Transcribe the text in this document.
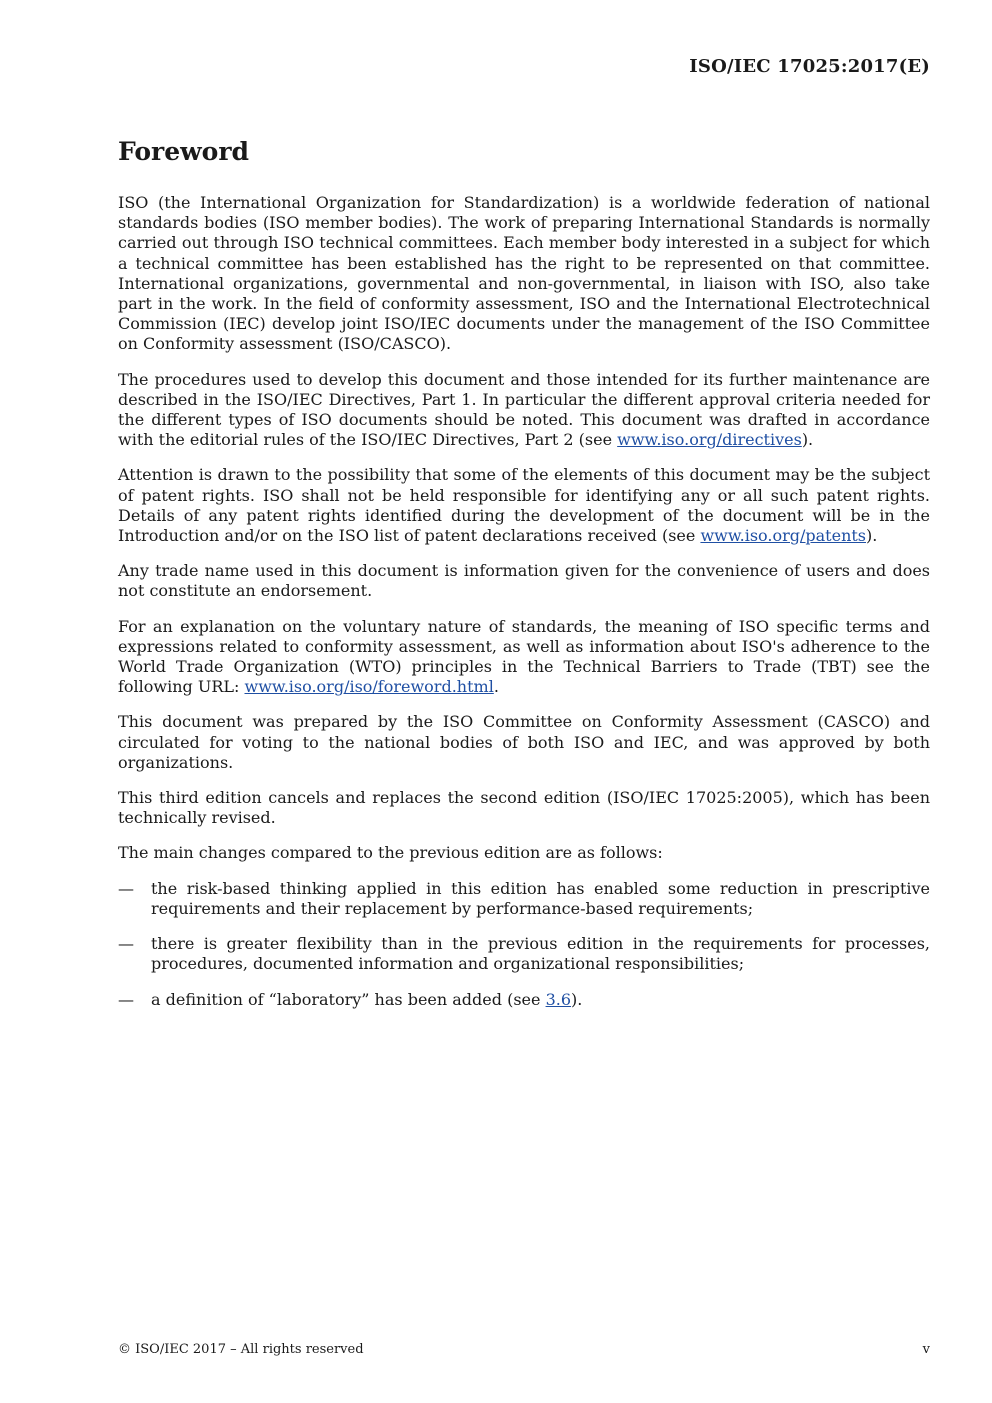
ISO/IEC 17025:2017(E)
Foreword

ISO (the International Organization for Standardization) is a worldwide federation of national standards bodies (ISO member bodies). The work of preparing International Standards is normally carried out through ISO technical committees. Each member body interested in a subject for which a technical committee has been established has the right to be represented on that committee. International organizations, governmental and non-governmental, in liaison with ISO, also take part in the work. In the field of conformity assessment, ISO and the International Electrotechnical Commission (IEC) develop joint ISO/IEC documents under the management of the ISO Committee on Conformity assessment (ISO/CASCO).

The procedures used to develop this document and those intended for its further maintenance are described in the ISO/IEC Directives, Part 1. In particular the different approval criteria needed for the different types of ISO documents should be noted. This document was drafted in accordance with the editorial rules of the ISO/IEC Directives, Part 2 (see www.iso.org/directives).

Attention is drawn to the possibility that some of the elements of this document may be the subject of patent rights. ISO shall not be held responsible for identifying any or all such patent rights. Details of any patent rights identified during the development of the document will be in the Introduction and/or on the ISO list of patent declarations received (see www.iso.org/patents).

Any trade name used in this document is information given for the convenience of users and does not constitute an endorsement.

For an explanation on the voluntary nature of standards, the meaning of ISO specific terms and expressions related to conformity assessment, as well as information about ISO's adherence to the World Trade Organization (WTO) principles in the Technical Barriers to Trade (TBT) see the following URL: www.iso.org/iso/foreword.html.

This document was prepared by the ISO Committee on Conformity Assessment (CASCO) and circulated for voting to the national bodies of both ISO and IEC, and was approved by both organizations.

This third edition cancels and replaces the second edition (ISO/IEC 17025:2005), which has been technically revised.

The main changes compared to the previous edition are as follows:

—	the risk-based thinking applied in this edition has enabled some reduction in prescriptive requirements and their replacement by performance-based requirements;
—	there is greater flexibility than in the previous edition in the requirements for processes, procedures, documented information and organizational responsibilities;
—	a definition of “laboratory” has been added (see 3.6).
© ISO/IEC 2017 – All rights reserved	v
